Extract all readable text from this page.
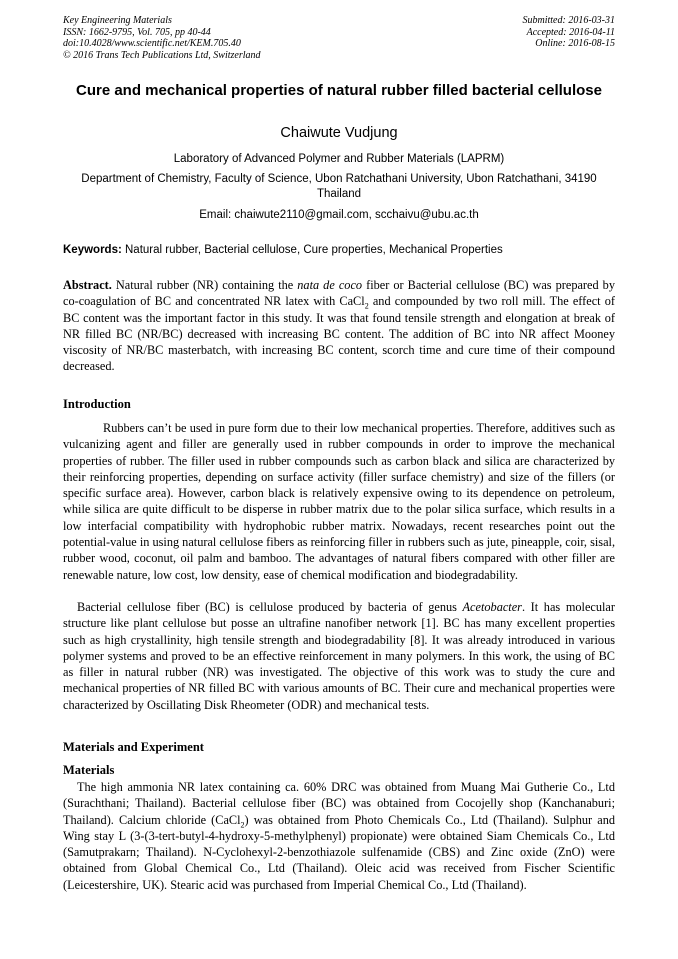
Key Engineering Materials
ISSN: 1662-9795, Vol. 705, pp 40-44
doi:10.4028/www.scientific.net/KEM.705.40
© 2016 Trans Tech Publications Ltd, Switzerland
Submitted: 2016-03-31
Accepted: 2016-04-11
Online: 2016-08-15
Cure and mechanical properties of natural rubber filled bacterial cellulose
Chaiwute Vudjung
Laboratory of Advanced Polymer and Rubber Materials (LAPRM)
Department of Chemistry, Faculty of Science, Ubon Ratchathani University, Ubon Ratchathani, 34190 Thailand
Email: chaiwute2110@gmail.com, scchaivu@ubu.ac.th
Keywords: Natural rubber, Bacterial cellulose, Cure properties, Mechanical Properties
Abstract. Natural rubber (NR) containing the nata de coco fiber or Bacterial cellulose (BC) was prepared by co-coagulation of BC and concentrated NR latex with CaCl$_2$ and compounded by two roll mill. The effect of BC content was the important factor in this study. It was that found tensile strength and elongation at break of NR filled BC (NR/BC) decreased with increasing BC content. The addition of BC into NR affect Mooney viscosity of NR/BC masterbatch, with increasing BC content, scorch time and cure time of their compound decreased.
Introduction
Rubbers can’t be used in pure form due to their low mechanical properties. Therefore, additives such as vulcanizing agent and filler are generally used in rubber compounds in order to improve the mechanical properties of rubber. The filler used in rubber compounds such as carbon black and silica are characterized by their reinforcing properties, depending on surface activity (filler surface chemistry) and size of the fillers (or specific surface area). However, carbon black is relatively expensive owing to its dependence on petroleum, while silica are quite difficult to be disperse in rubber matrix due to the polar silica surface, which results in a low interfacial compatibility with hydrophobic rubber matrix. Nowadays, recent researches point out the potential-value in using natural cellulose fibers as reinforcing filler in rubbers such as jute, pineapple, coir, sisal, rubber wood, coconut, oil palm and bamboo. The advantages of natural fibers compared with other filler are renewable nature, low cost, low density, ease of chemical modification and biodegradability.
Bacterial cellulose fiber (BC) is cellulose produced by bacteria of genus Acetobacter. It has molecular structure like plant cellulose but posse an ultrafine nanofiber network [1]. BC has many excellent properties such as high crystallinity, high tensile strength and biodegradability [8]. It was already introduced in various polymer systems and proved to be an effective reinforcement in many polymers. In this work, the using of BC as filler in natural rubber (NR) was investigated. The objective of this work was to study the cure and mechanical properties of NR filled BC with various amounts of BC. Their cure and mechanical properties were characterized by Oscillating Disk Rheometer (ODR) and mechanical tests.
Materials and Experiment
Materials
The high ammonia NR latex containing ca. 60% DRC was obtained from Muang Mai Gutherie Co., Ltd (Surachthani; Thailand). Bacterial cellulose fiber (BC) was obtained from Cocojelly shop (Kanchanaburi; Thailand). Calcium chloride (CaCl$_2$) was obtained from Photo Chemicals Co., Ltd (Thailand). Sulphur and Wing stay L (3-(3-tert-butyl-4-hydroxy-5-methylphenyl) propionate) were obtained Siam Chemicals Co., Ltd (Samutprakarn; Thailand). N-Cyclohexyl-2-benzothiazole sulfenamide (CBS) and Zinc oxide (ZnO) were obtained from Global Chemical Co., Ltd (Thailand). Oleic acid was received from Fischer Scientific (Leicestershire, UK). Stearic acid was purchased from Imperial Chemical Co., Ltd (Thailand).
